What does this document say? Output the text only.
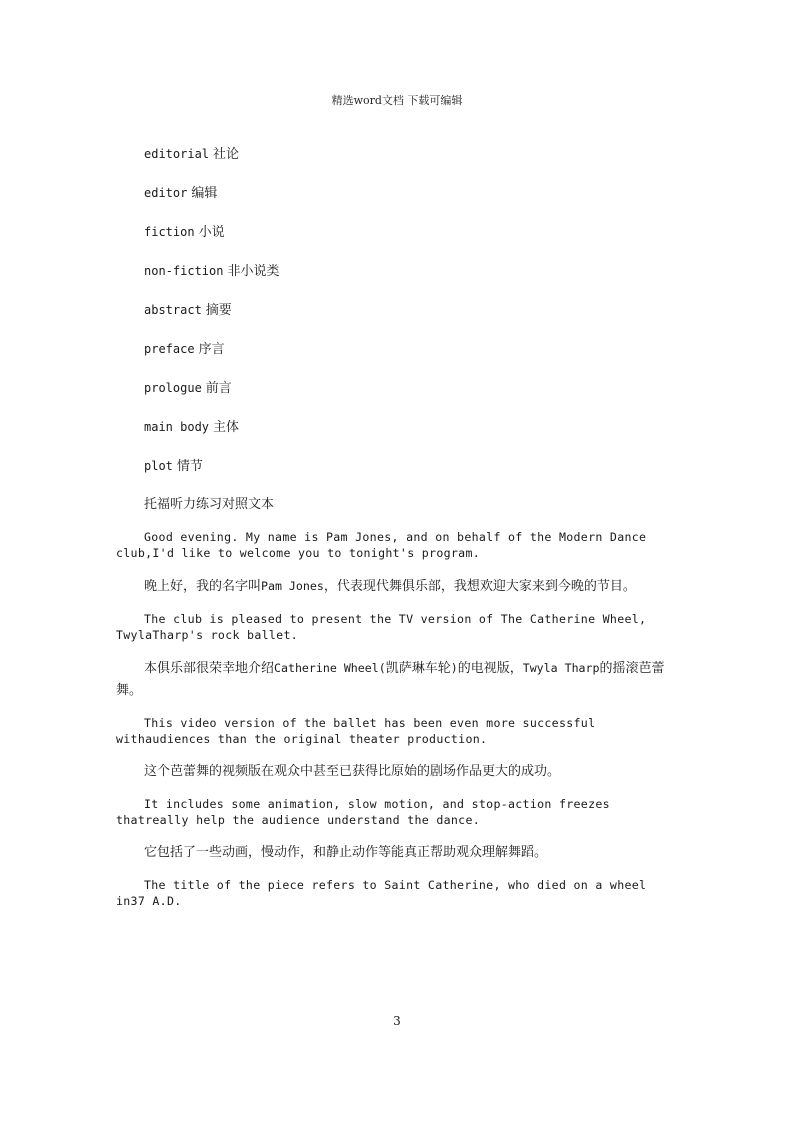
精选word文档 下载可编辑
editorial 社论
editor 编辑
fiction 小说
non-fiction 非小说类
abstract 摘要
preface 序言
prologue 前言
main body 主体
plot 情节
托福听力练习对照文本

Good evening. My name is Pam Jones, and on behalf of the Modern Dance club,I'd like to welcome you to tonight's program.

晚上好，我的名字叫Pam Jones，代表现代舞俱乐部，我想欢迎大家来到今晚的节目。

The club is pleased to present the TV version of The Catherine Wheel, TwylaTharp's rock ballet.

本俱乐部很荣幸地介绍Catherine Wheel(凯萨琳车轮)的电视版，Twyla Tharp的摇滚芭蕾舞。

This video version of the ballet has been even more successful withaudiences than the original theater production.

这个芭蕾舞的视频版在观众中甚至已获得比原始的剧场作品更大的成功。

It includes some animation, slow motion, and stop-action freezes thatreally help the audience understand the dance.

它包括了一些动画，慢动作，和静止动作等能真正帮助观众理解舞蹈。

The title of the piece refers to Saint Catherine, who died on a wheel in37 A.D.

3
